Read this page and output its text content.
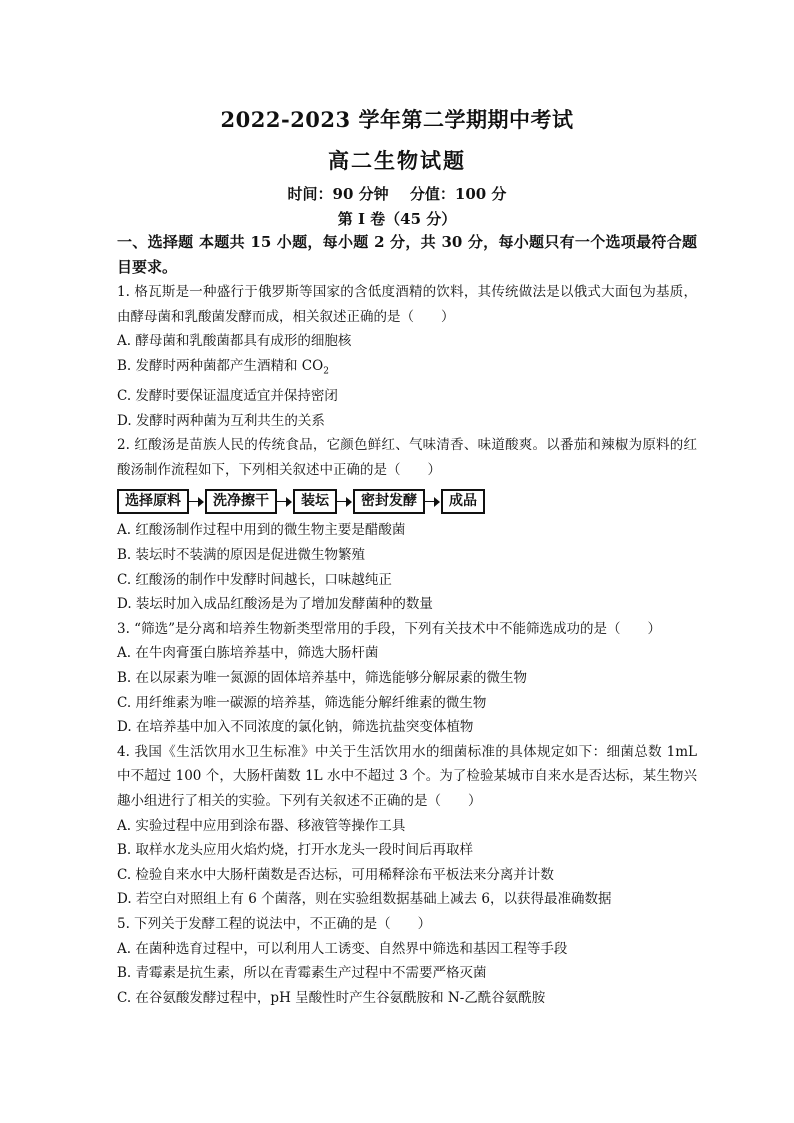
2022-2023 学年第二学期期中考试
高二生物试题
时间：90 分钟 分值：100 分
第 I 卷（45 分）
一、选择题 本题共 15 小题，每小题 2 分，共 30 分，每小题只有一个选项最符合题目要求。
1. 格瓦斯是一种盛行于俄罗斯等国家的含低度酒精的饮料，其传统做法是以俄式大面包为基质，由酵母菌和乳酸菌发酵而成，相关叙述正确的是（　　）
A. 酵母菌和乳酸菌都具有成形的细胞核
B. 发酵时两种菌都产生酒精和 $CO_2$
C. 发酵时要保证温度适宜并保持密闭
D. 发酵时两种菌为互利共生的关系
2. 红酸汤是苗族人民的传统食品，它颜色鲜红、气味清香、味道酸爽。以番茄和辣椒为原料的红酸汤制作流程如下，下列相关叙述中正确的是（　　）
选择原料	洗净擦干	装坛	密封发酵	成品
A. 红酸汤制作过程中用到的微生物主要是醋酸菌
B. 装坛时不装满的原因是促进微生物繁殖
C. 红酸汤的制作中发酵时间越长，口味越纯正
D. 装坛时加入成品红酸汤是为了增加发酵菌种的数量
3. “筛选”是分离和培养生物新类型常用的手段，下列有关技术中不能筛选成功的是（　　）
A. 在牛肉膏蛋白胨培养基中，筛选大肠杆菌
B. 在以尿素为唯一氮源的固体培养基中，筛选能够分解尿素的微生物
C. 用纤维素为唯一碳源的培养基，筛选能分解纤维素的微生物
D. 在培养基中加入不同浓度的氯化钠，筛选抗盐突变体植物
4. 我国《生活饮用水卫生标准》中关于生活饮用水的细菌标准的具体规定如下：细菌总数 1mL 中不超过 100 个，大肠杆菌数 1L 水中不超过 3 个。为了检验某城市自来水是否达标，某生物兴趣小组进行了相关的实验。下列有关叙述不正确的是（　　）
A. 实验过程中应用到涂布器、移液管等操作工具
B. 取样水龙头应用火焰灼烧，打开水龙头一段时间后再取样
C. 检验自来水中大肠杆菌数是否达标，可用稀释涂布平板法来分离并计数
D. 若空白对照组上有 6 个菌落，则在实验组数据基础上减去 6，以获得最准确数据
5. 下列关于发酵工程的说法中，不正确的是（　　）
A. 在菌种选育过程中，可以利用人工诱变、自然界中筛选和基因工程等手段
B. 青霉素是抗生素，所以在青霉素生产过程中不需要严格灭菌
C. 在谷氨酸发酵过程中，pH 呈酸性时产生谷氨酰胺和 N-乙酰谷氨酰胺
